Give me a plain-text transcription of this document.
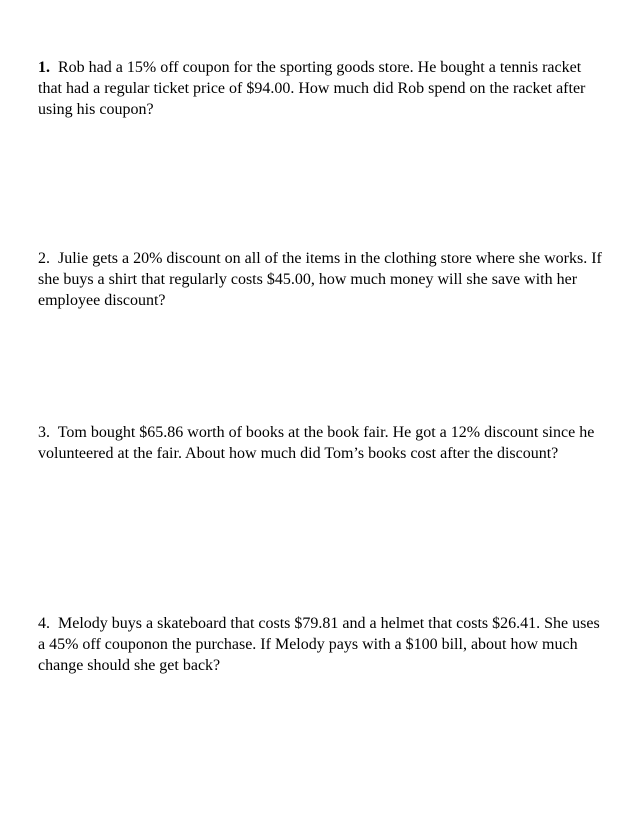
1. Rob had a 15% off coupon for the sporting goods store. He bought a tennis racket that had a regular ticket price of $94.00. How much did Rob spend on the racket after using his coupon?

2. Julie gets a 20% discount on all of the items in the clothing store where she works. If she buys a shirt that regularly costs $45.00, how much money will she save with her employee discount?

3. Tom bought $65.86 worth of books at the book fair. He got a 12% discount since he volunteered at the fair. About how much did Tom’s books cost after the discount?

4. Melody buys a skateboard that costs $79.81 and a helmet that costs $26.41. She uses a 45% off couponon the purchase. If Melody pays with a $100 bill, about how much change should she get back?
